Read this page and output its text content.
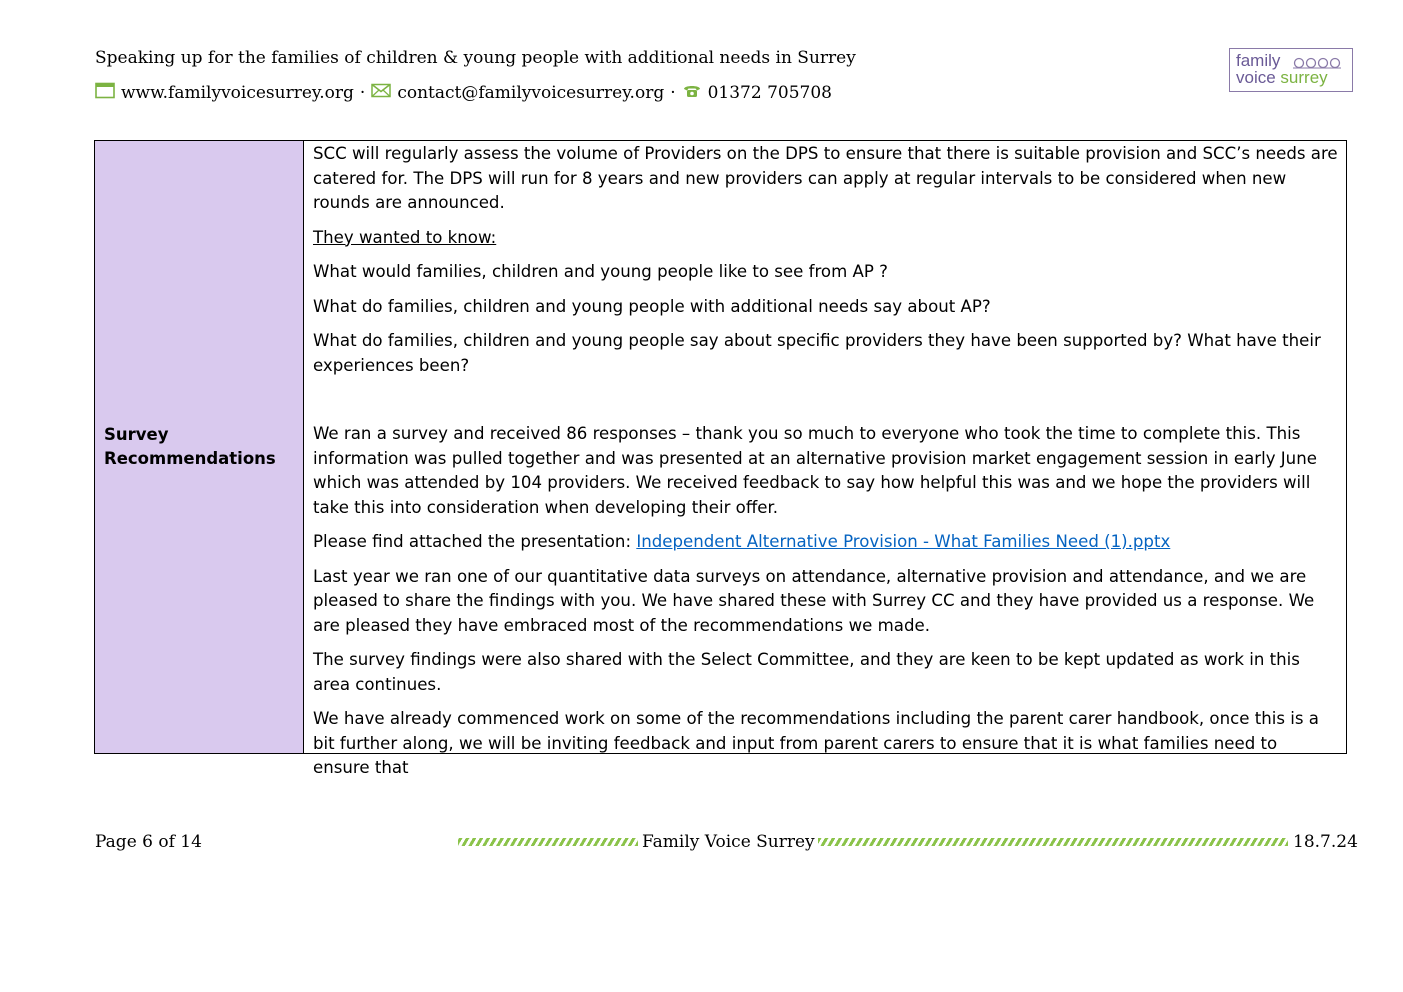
Speaking up for the families of children & young people with additional needs in Surrey
www.familyvoicesurrey.org · contact@familyvoicesurrey.org · 01372 705708
family
voice surrey
Survey
Recommendations

SCC will regularly assess the volume of Providers on the DPS to ensure that there is suitable provision and SCC’s needs are catered for. The DPS will run for 8 years and new providers can apply at regular intervals to be considered when new rounds are announced.

They wanted to know:

What would families, children and young people like to see from AP ?

What do families, children and young people with additional needs say about AP?

What do families, children and young people say about specific providers they have been supported by? What have their experiences been?

We ran a survey and received 86 responses – thank you so much to everyone who took the time to complete this. This information was pulled together and was presented at an alternative provision market engagement session in early June which was attended by 104 providers. We received feedback to say how helpful this was and we hope the providers will take this into consideration when developing their offer.

Please find attached the presentation: Independent Alternative Provision - What Families Need (1).pptx

Last year we ran one of our quantitative data surveys on attendance, alternative provision and attendance, and we are pleased to share the findings with you. We have shared these with Surrey CC and they have provided us a response. We are pleased they have embraced most of the recommendations we made.

The survey findings were also shared with the Select Committee, and they are keen to be kept updated as work in this area continues.

We have already commenced work on some of the recommendations including the parent carer handbook, once this is a bit further along, we will be inviting feedback and input from parent carers to ensure that it is what families need to ensure that

Page 6 of 14	Family Voice Surrey	18.7.24
